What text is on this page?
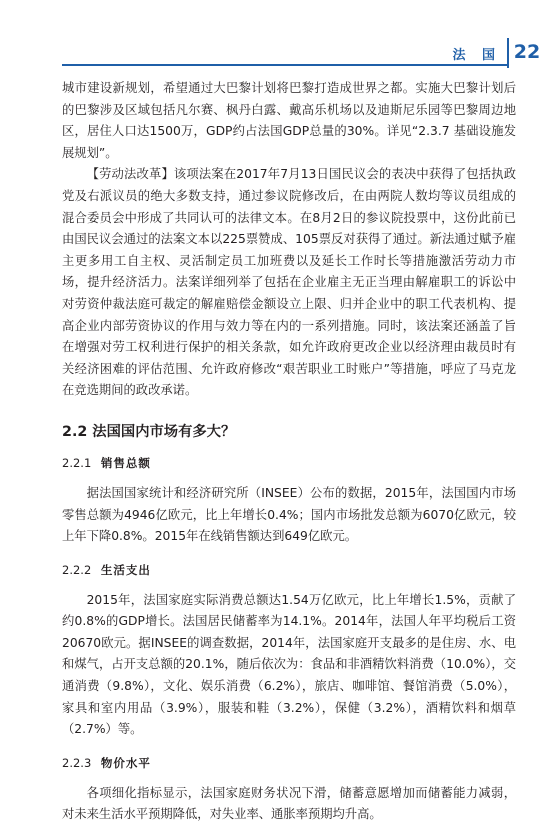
法 国 22

城市建设新规划，希望通过大巴黎计划将巴黎打造成世界之都。实施大巴黎计划后的巴黎涉及区域包括凡尔赛、枫丹白露、戴高乐机场以及迪斯尼乐园等巴黎周边地区，居住人口达1500万，GDP约占法国GDP总量的30%。详见“2.3.7 基础设施发展规划”。

【劳动法改革】该项法案在2017年7月13日国民议会的表决中获得了包括执政党及右派议员的绝大多数支持，通过参议院修改后，在由两院人数均等议员组成的混合委员会中形成了共同认可的法律文本。在8月2日的参议院投票中，这份此前已由国民议会通过的法案文本以225票赞成、105票反对获得了通过。新法通过赋予雇主更多用工自主权、灵活制定员工加班费以及延长工作时长等措施激活劳动力市场，提升经济活力。法案详细列举了包括在企业雇主无正当理由解雇职工的诉讼中对劳资仲裁法庭可裁定的解雇赔偿金额设立上限、归并企业中的职工代表机构、提高企业内部劳资协议的作用与效力等在内的一系列措施。同时，该法案还涵盖了旨在增强对劳工权利进行保护的相关条款，如允许政府更改企业以经济理由裁员时有关经济困难的评估范围、允许政府修改“艰苦职业工时账户”等措施，呼应了马克龙在竞选期间的政改承诺。

2.2 法国国内市场有多大？
2.2.1 销售总额

据法国国家统计和经济研究所（INSEE）公布的数据，2015年，法国国内市场零售总额为4946亿欧元，比上年增长0.4%；国内市场批发总额为6070亿欧元，较上年下降0.8%。2015年在线销售额达到649亿欧元。

2.2.2 生活支出

2015年，法国家庭实际消费总额达1.54万亿欧元，比上年增长1.5%，贡献了约0.8%的GDP增长。法国居民储蓄率为14.1%。2014年，法国人年平均税后工资20670欧元。据INSEE的调查数据，2014年，法国家庭开支最多的是住房、水、电和煤气，占开支总额的20.1%，随后依次为：食品和非酒精饮料消费（10.0%），交通消费（9.8%），文化、娱乐消费（6.2%），旅店、咖啡馆、餐馆消费（5.0%），家具和室内用品（3.9%），服装和鞋（3.2%），保健（3.2%），酒精饮料和烟草（2.7%）等。

2.2.3 物价水平

各项细化指标显示，法国家庭财务状况下滑，储蓄意愿增加而储蓄能力减弱，对未来生活水平预期降低，对失业率、通胀率预期均升高。
